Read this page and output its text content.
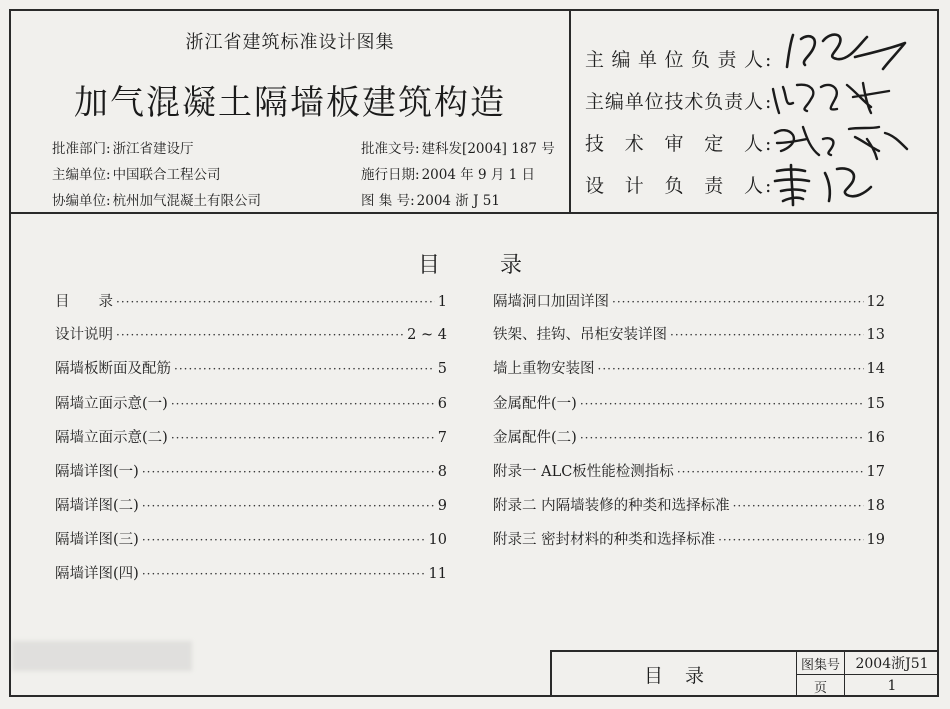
浙江省建筑标准设计图集
加气混凝土隔墙板建筑构造
批准部门: 浙江省建设厅
主编单位: 中国联合工程公司
协编单位: 杭州加气混凝土有限公司
批准文号: 建科发[2004] 187 号
施行日期: 2004 年 9 月 1 日
图 集 号: 2004 浙 J 51
主编单位负责人 :
主编单位技术负责人 :
技术审定人 :
设计负责人 :
目	录
目　　录 ·····	1
设计说明 ·····	2 ~ 4
隔墙板断面及配筋 ·····	5
隔墙立面示意(一) ·····	6
隔墙立面示意(二) ·····	7
隔墙详图(一) ·····	8
隔墙详图(二) ·····	9
隔墙详图(三) ·····	10
隔墙详图(四) ·····	11
隔墙洞口加固详图 ·····	12
铁架、挂钩、吊柜安装详图 ·····	13
墙上重物安装图 ·····	14
金属配件(一) ·····	15
金属配件(二) ·····	16
附录一 ALC板性能检测指标 ·····	17
附录二 内隔墙装修的种类和选择标准 ·····	18
附录三 密封材料的种类和选择标准 ·····	19
目录	图集号	2004浙J51
页	1
